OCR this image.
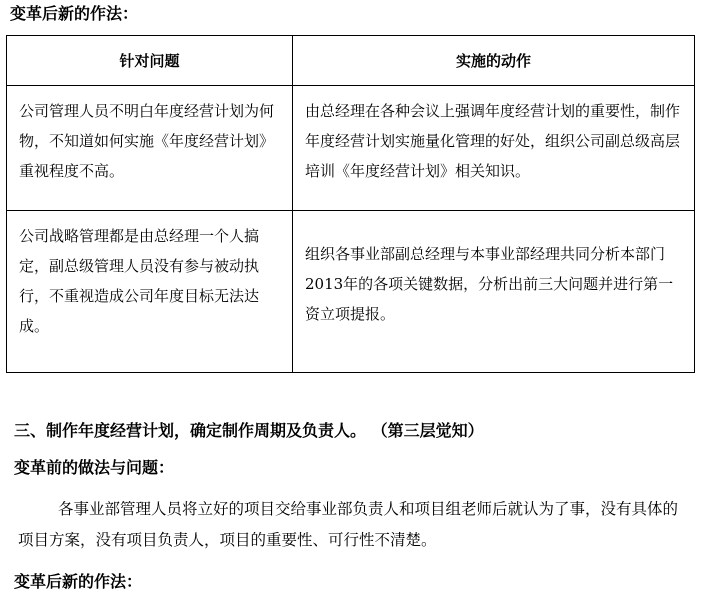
变革后新的作法：
针对问题	实施的动作

公司管理人员不明白年度经营计划为何物，不知道如何实施《年度经营计划》重视程度不高。	由总经理在各种会议上强调年度经营计划的重要性，制作年度经营计划实施量化管理的好处，组织公司副总级高层培训《年度经营计划》相关知识。

公司战略管理都是由总经理一个人搞定，副总级管理人员没有参与被动执行，不重视造成公司年度目标无法达成。	组织各事业部副总经理与本事业部经理共同分析本部门2013年的各项关键数据，分析出前三大问题并进行第一资立项提报。
三、制作年度经营计划，确定制作周期及负责人。 （第三层觉知）
变革前的做法与问题：
各事业部管理人员将立好的项目交给事业部负责人和项目组老师后就认为了事，没有具体的项目方案，没有项目负责人，项目的重要性、可行性不清楚。
变革后新的作法：
